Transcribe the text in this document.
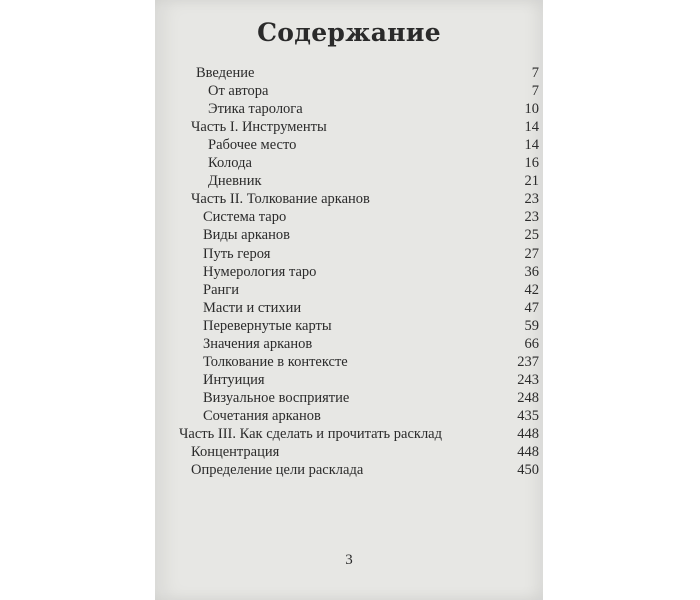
Содержание
Введение	7
От автора	7
Этика таролога	10
Часть I. Инструменты	14
Рабочее место	14
Колода	16
Дневник	21
Часть II. Толкование арканов	23
Система таро	23
Виды арканов	25
Путь героя	27
Нумерология таро	36
Ранги	42
Масти и стихии	47
Перевернутые карты	59
Значения арканов	66
Толкование в контексте	237
Интуиция	243
Визуальное восприятие	248
Сочетания арканов	435
Часть III. Как сделать и прочитать расклад	448
Концентрация	448
Определение цели расклада	450
3
